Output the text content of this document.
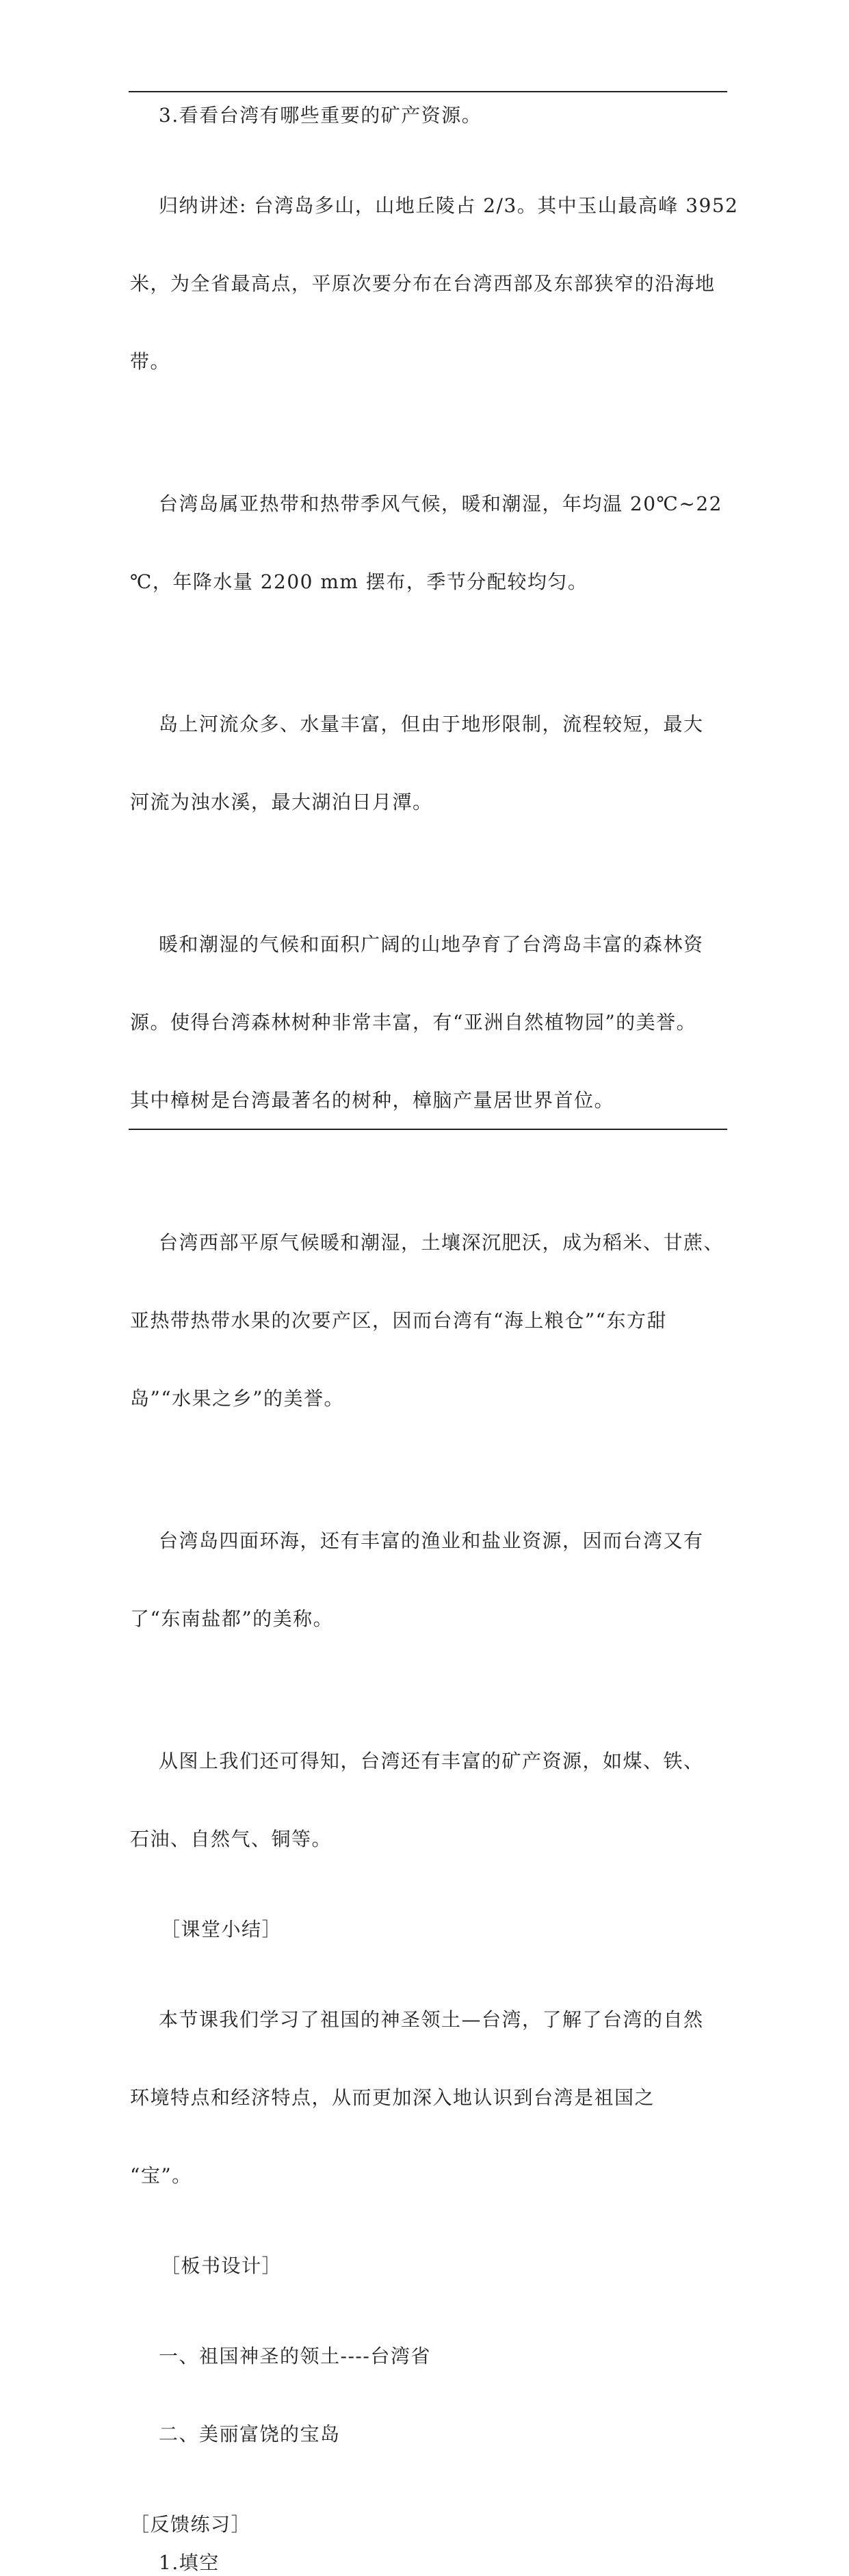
3.看看台湾有哪些重要的矿产资源。

归纳讲述: 台湾岛多山，山地丘陵占 2/3。其中玉山最高峰 3952

米，为全省最高点，平原次要分布在台湾西部及东部狭窄的沿海地

带。

台湾岛属亚热带和热带季风气候，暖和潮湿，年均温 20℃~22

℃，年降水量 2200 mm 摆布，季节分配较均匀。

岛上河流众多、水量丰富，但由于地形限制，流程较短，最大

河流为浊水溪，最大湖泊日月潭。

暖和潮湿的气候和面积广阔的山地孕育了台湾岛丰富的森林资

源。使得台湾森林树种非常丰富，有“亚洲自然植物园”的美誉。

其中樟树是台湾最著名的树种，樟脑产量居世界首位。

台湾西部平原气候暖和潮湿，土壤深沉肥沃，成为稻米、甘蔗、

亚热带热带水果的次要产区，因而台湾有“海上粮仓”“东方甜

岛”“水果之乡”的美誉。

台湾岛四面环海，还有丰富的渔业和盐业资源，因而台湾又有

了“东南盐都”的美称。

从图上我们还可得知，台湾还有丰富的矿产资源，如煤、铁、

石油、自然气、铜等。

［课堂小结］

本节课我们学习了祖国的神圣领土—台湾，了解了台湾的自然

环境特点和经济特点，从而更加深入地认识到台湾是祖国之

“宝”。

［板书设计］

一、祖国神圣的领土----台湾省

二、美丽富饶的宝岛

［反馈练习］

1.填空
